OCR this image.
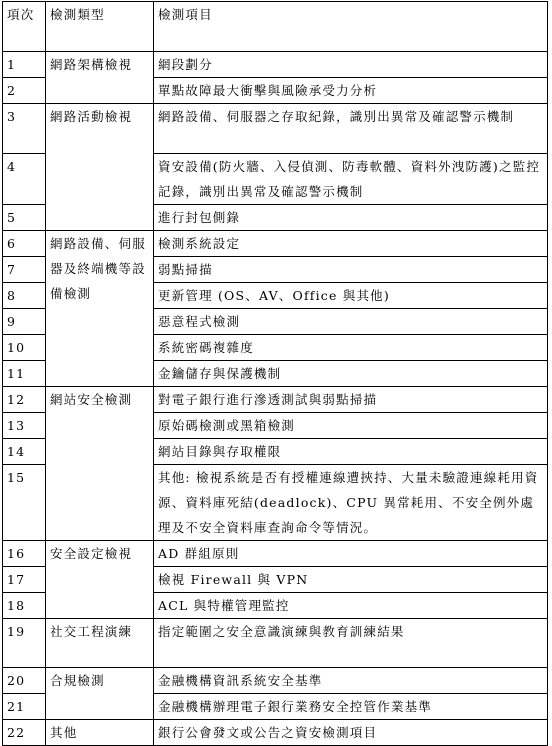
項次	檢測類型	檢測項目
1	網路架構檢視	網段劃分
2		單點故障最大衝擊與風險承受力分析
3	網路活動檢視	網路設備、伺服器之存取紀錄，識別出異常及確認警示機制
4		資安設備(防火牆、入侵偵測、防毒軟體、資料外洩防護)之監控記錄，識別出異常及確認警示機制
5		進行封包側錄
6	網路設備、伺服器及終端機等設備檢測	檢測系統設定
7		弱點掃描
8		更新管理 (OS、AV、Office 與其他)
9		惡意程式檢測
10		系統密碼複雜度
11		金鑰儲存與保護機制
12	網站安全檢測	對電子銀行進行滲透測試與弱點掃描
13		原始碼檢測或黑箱檢測
14		網站目錄與存取權限
15		其他: 檢視系統是否有授權連線遭挾持、大量未驗證連線耗用資源、資料庫死結(deadlock)、CPU 異常耗用、不安全例外處理及不安全資料庫查詢命令等情況。
16	安全設定檢視	AD 群組原則
17		檢視 Firewall 與 VPN
18		ACL 與特權管理監控
19	社交工程演練	指定範圍之安全意識演練與教育訓練結果
20	合規檢測	金融機構資訊系統安全基準
21		金融機構辦理電子銀行業務安全控管作業基準
22	其他	銀行公會發文或公告之資安檢測項目
